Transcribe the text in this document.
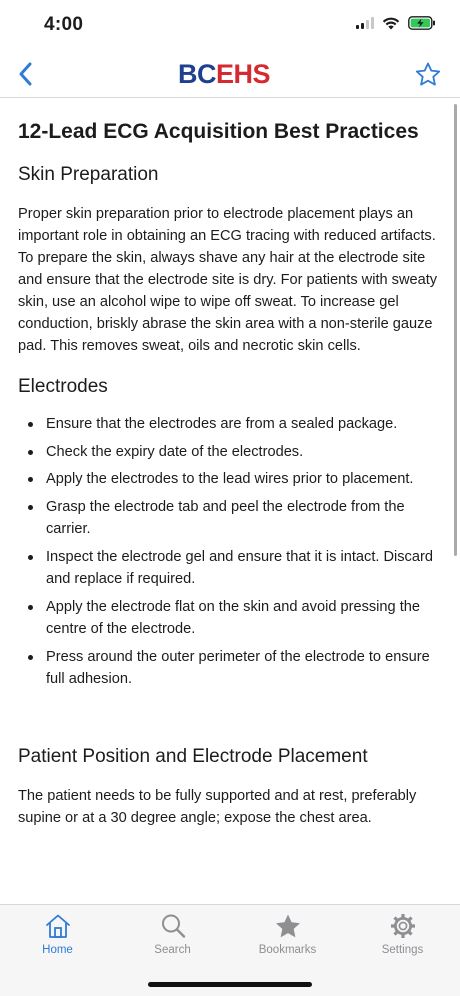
4:00
BCEHS
12-Lead ECG Acquisition Best Practices
Skin Preparation

Proper skin preparation prior to electrode placement plays an important role in obtaining an ECG tracing with reduced artifacts. To prepare the skin, always shave any hair at the electrode site and ensure that the electrode site is dry. For patients with sweaty skin, use an alcohol wipe to wipe off sweat. To increase gel conduction, briskly abrase the skin area with a non-sterile gauze pad. This removes sweat, oils and necrotic skin cells.

Electrodes
Ensure that the electrodes are from a sealed package.
Check the expiry date of the electrodes.
Apply the electrodes to the lead wires prior to placement.
Grasp the electrode tab and peel the electrode from the carrier.
Inspect the electrode gel and ensure that it is intact. Discard and replace if required.
Apply the electrode flat on the skin and avoid pressing the centre of the electrode.
Press around the outer perimeter of the electrode to ensure full adhesion.
Patient Position and Electrode Placement

The patient needs to be fully supported and at rest, preferably supine or at a 30 degree angle; expose the chest area.

Home	Search	Bookmarks	Settings
